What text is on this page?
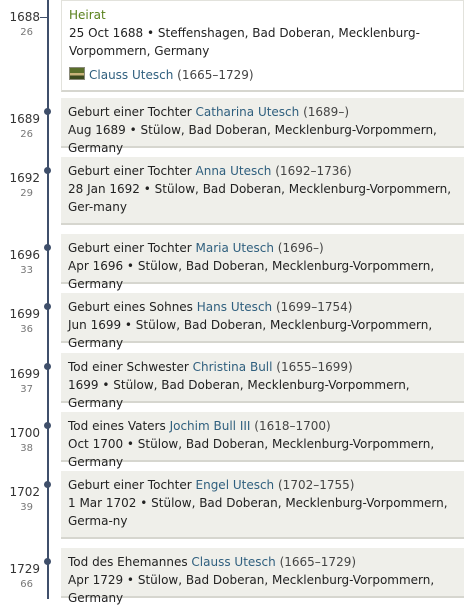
1688
26
Heirat
25 Oct 1688 • Steffenshagen, Bad Doberan, Mecklenburg-Vorpommern, Germany
Clauss Utesch (1665–1729)
1689
26
Geburt einer Tochter Catharina Utesch (1689–)
Aug 1689 • Stülow, Bad Doberan, Mecklenburg-Vorpommern, Germany
1692
29
Geburt einer Tochter Anna Utesch (1692–1736)
28 Jan 1692 • Stülow, Bad Doberan, Mecklenburg-Vorpommern, Ger-many
1696
33
Geburt einer Tochter Maria Utesch (1696–)
Apr 1696 • Stülow, Bad Doberan, Mecklenburg-Vorpommern, Germany
1699
36
Geburt eines Sohnes Hans Utesch (1699–1754)
Jun 1699 • Stülow, Bad Doberan, Mecklenburg-Vorpommern, Germany
1699
37
Tod einer Schwester Christina Bull (1655–1699)
1699 • Stülow, Bad Doberan, Mecklenburg-Vorpommern, Germany
1700
38
Tod eines Vaters Jochim Bull III (1618–1700)
Oct 1700 • Stülow, Bad Doberan, Mecklenburg-Vorpommern, Germany
1702
39
Geburt einer Tochter Engel Utesch (1702–1755)
1 Mar 1702 • Stülow, Bad Doberan, Mecklenburg-Vorpommern, Germa-ny
1729
66
Tod des Ehemannes Clauss Utesch (1665–1729)
Apr 1729 • Stülow, Bad Doberan, Mecklenburg-Vorpommern, Germany
